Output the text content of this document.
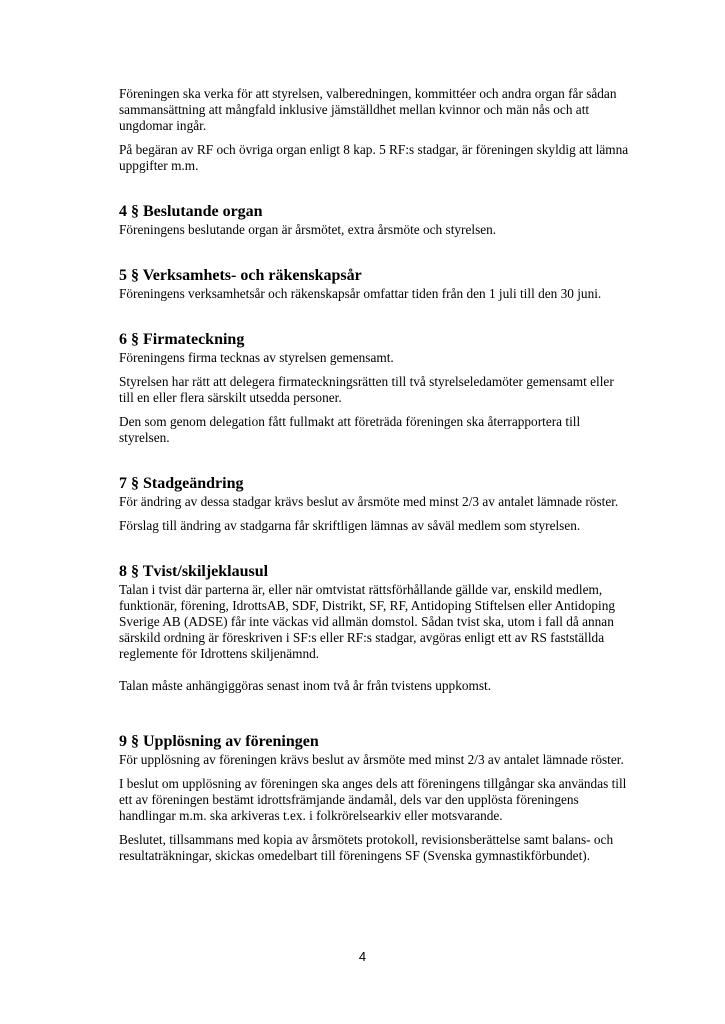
Föreningen ska verka för att styrelsen, valberedningen, kommittéer och andra organ får sådan sammansättning att mångfald inklusive jämställdhet mellan kvinnor och män nås och att ungdomar ingår.

På begäran av RF och övriga organ enligt 8 kap. 5 RF:s stadgar, är föreningen skyldig att lämna uppgifter m.m.

4 § Beslutande organ

Föreningens beslutande organ är årsmötet, extra årsmöte och styrelsen.

5 § Verksamhets- och räkenskapsår

Föreningens verksamhetsår och räkenskapsår omfattar tiden från den 1 juli till den 30 juni.

6 § Firmateckning

Föreningens firma tecknas av styrelsen gemensamt.

Styrelsen har rätt att delegera firmateckningsrätten till två styrelseledamöter gemensamt eller till en eller flera särskilt utsedda personer.

Den som genom delegation fått fullmakt att företräda föreningen ska återrapportera till styrelsen.

7 § Stadgeändring

För ändring av dessa stadgar krävs beslut av årsmöte med minst 2/3 av antalet lämnade röster.

Förslag till ändring av stadgarna får skriftligen lämnas av såväl medlem som styrelsen.

8 § Tvist/skiljeklausul

Talan i tvist där parterna är, eller när omtvistat rättsförhållande gällde var, enskild medlem, funktionär, förening, IdrottsAB, SDF, Distrikt, SF, RF, Antidoping Stiftelsen eller Antidoping Sverige AB (ADSE) får inte väckas vid allmän domstol. Sådan tvist ska, utom i fall då annan särskild ordning är föreskriven i SF:s eller RF:s stadgar, avgöras enligt ett av RS fastställda reglemente för Idrottens skiljenämnd.

Talan måste anhängiggöras senast inom två år från tvistens uppkomst.

9 § Upplösning av föreningen

För upplösning av föreningen krävs beslut av årsmöte med minst 2/3 av antalet lämnade röster.

I beslut om upplösning av föreningen ska anges dels att föreningens tillgångar ska användas till ett av föreningen bestämt idrottsfrämjande ändamål, dels var den upplösta föreningens handlingar m.m. ska arkiveras t.ex. i folkrörelsearkiv eller motsvarande.

Beslutet, tillsammans med kopia av årsmötets protokoll, revisionsberättelse samt balans- och resultaträkningar, skickas omedelbart till föreningens SF (Svenska gymnastikförbundet).

4
